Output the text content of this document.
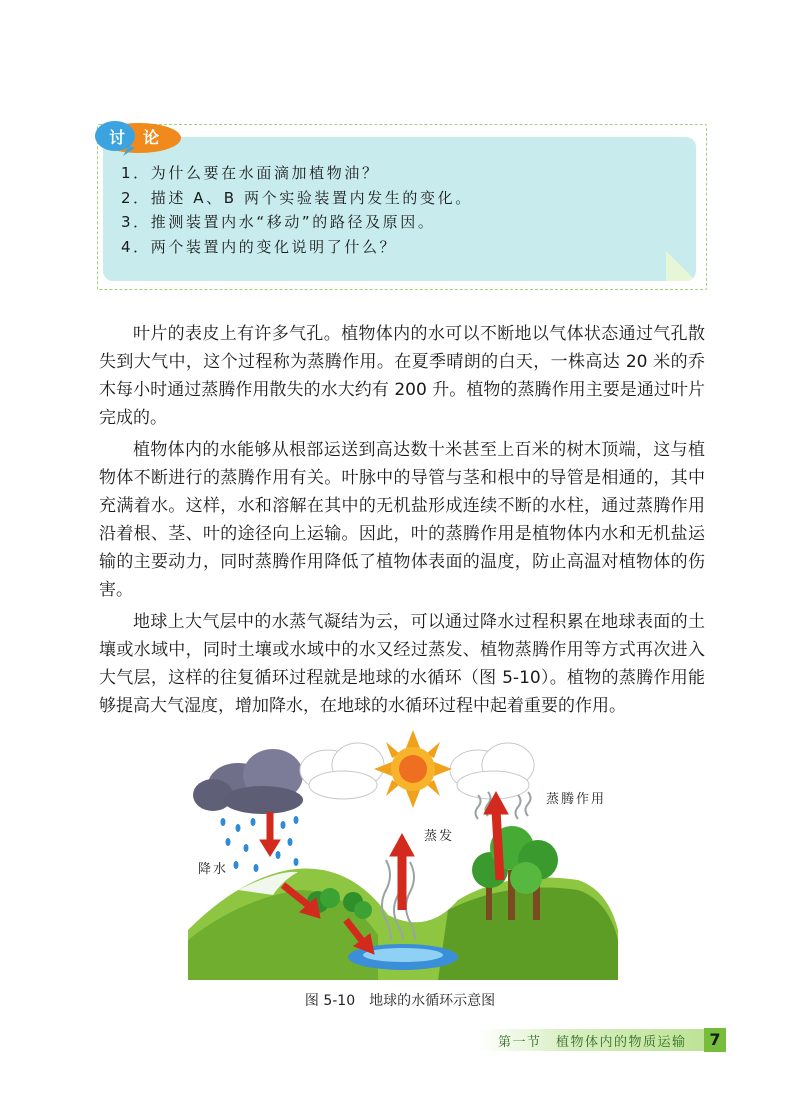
1．为什么要在水面滴加植物油？
2．描述 A、B 两个实验装置内发生的变化。
3．推测装置内水“移动”的路径及原因。
4．两个装置内的变化说明了什么？
讨 论

叶片的表皮上有许多气孔。植物体内的水可以不断地以气体状态通过气孔散失到大气中，这个过程称为蒸腾作用。在夏季晴朗的白天，一株高达 20 米的乔木每小时通过蒸腾作用散失的水大约有 200 升。植物的蒸腾作用主要是通过叶片完成的。

植物体内的水能够从根部运送到高达数十米甚至上百米的树木顶端，这与植物体不断进行的蒸腾作用有关。叶脉中的导管与茎和根中的导管是相通的，其中充满着水。这样，水和溶解在其中的无机盐形成连续不断的水柱，通过蒸腾作用沿着根、茎、叶的途径向上运输。因此，叶的蒸腾作用是植物体内水和无机盐运输的主要动力，同时蒸腾作用降低了植物体表面的温度，防止高温对植物体的伤害。

地球上大气层中的水蒸气凝结为云，可以通过降水过程积累在地球表面的土壤或水域中，同时土壤或水域中的水又经过蒸发、植物蒸腾作用等方式再次进入大气层，这样的往复循环过程就是地球的水循环（图 5-10）。植物的蒸腾作用能够提高大气湿度，增加降水，在地球的水循环过程中起着重要的作用。

降水
蒸发
蒸腾作用
图 5-10　地球的水循环示意图
第一节　植物体内的物质运输	7
